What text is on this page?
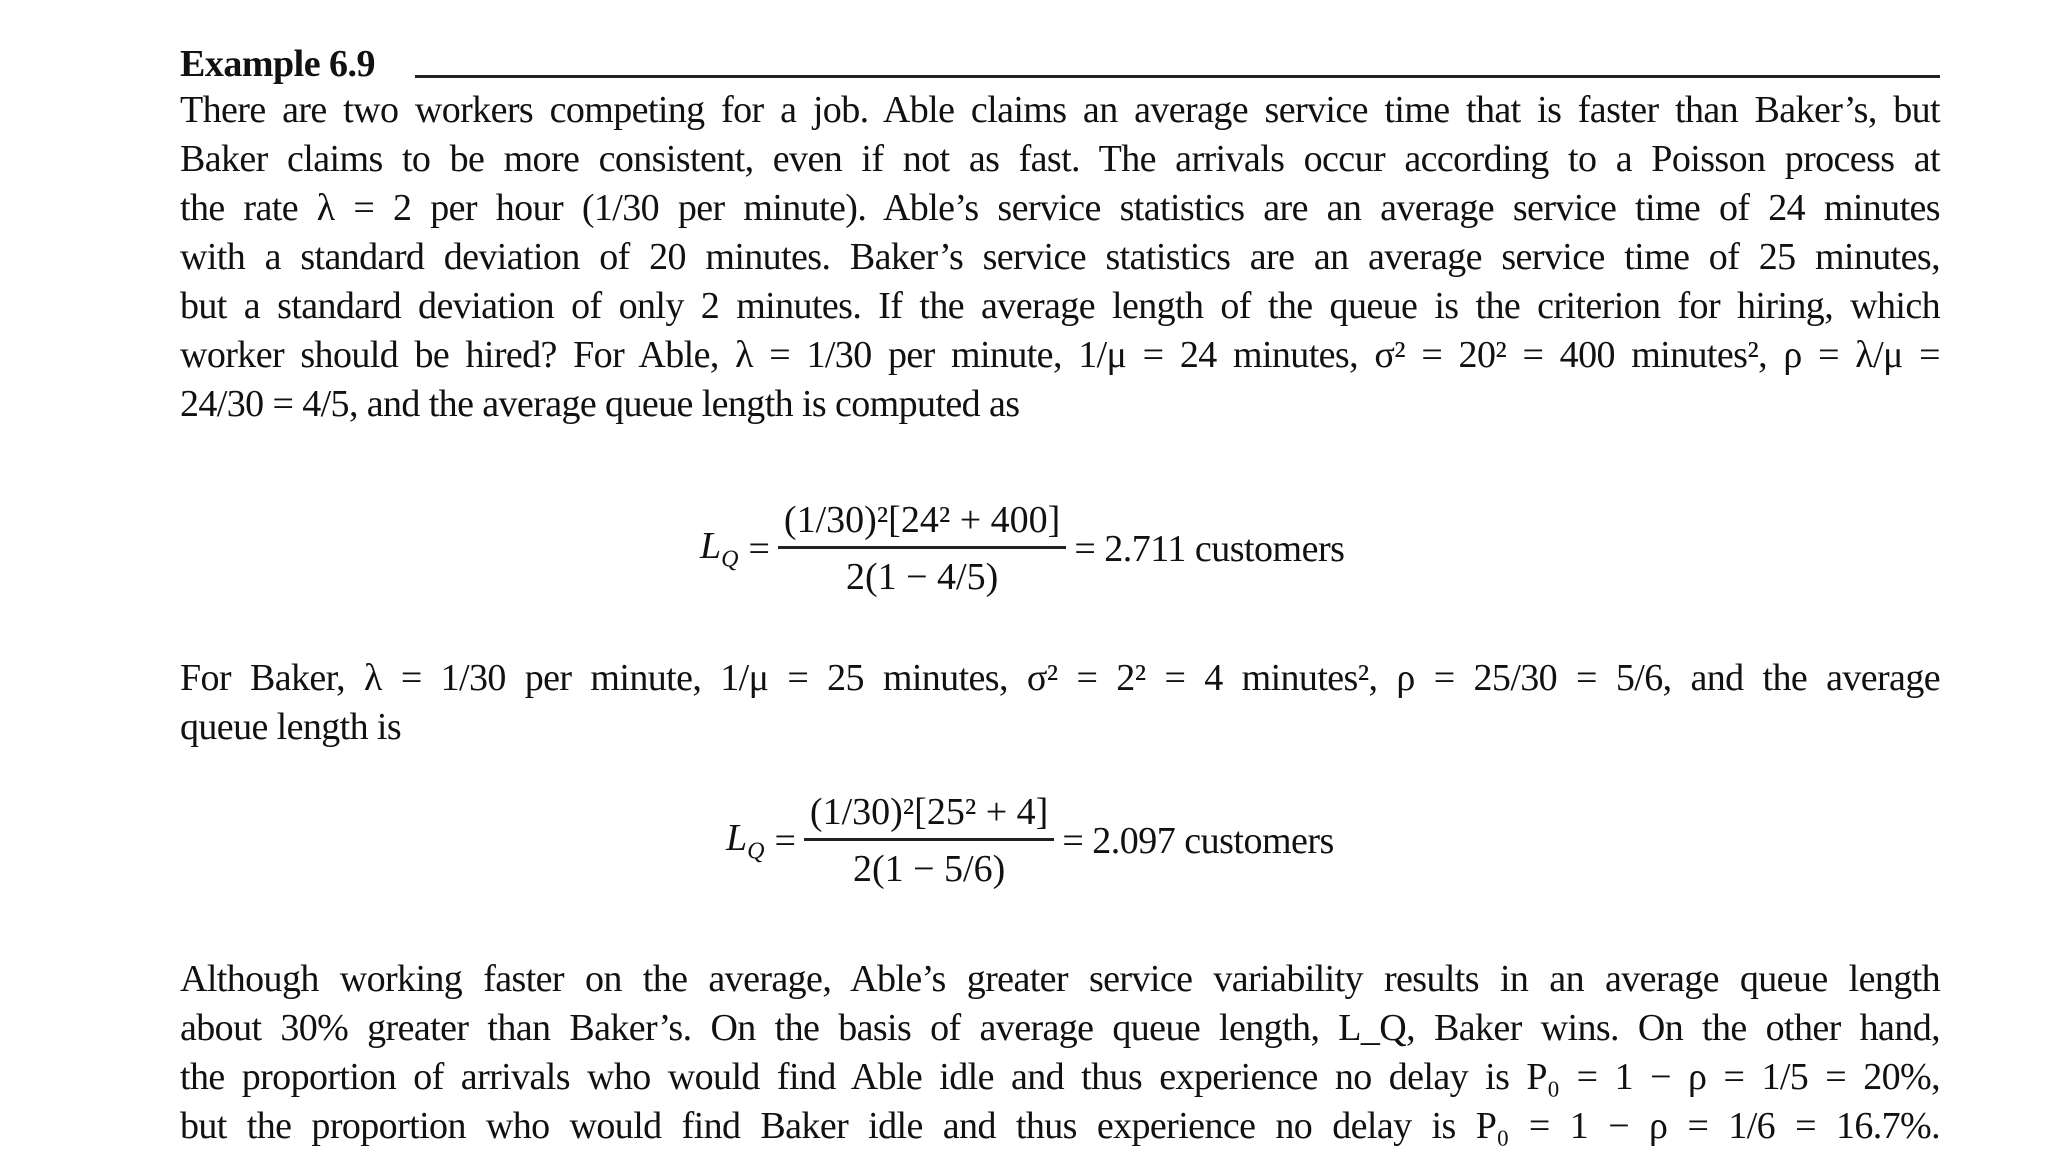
Example 6.9

There are two workers competing for a job. Able claims an average service time that is faster than Baker’s, but
Baker claims to be more consistent, even if not as fast. The arrivals occur according to a Poisson process at
the rate λ = 2 per hour (1/30 per minute). Able’s service statistics are an average service time of 24 minutes
with a standard deviation of 20 minutes. Baker’s service statistics are an average service time of 25 minutes,
but a standard deviation of only 2 minutes. If the average length of the queue is the criterion for hiring, which
worker should be hired? For Able, λ = 1/30 per minute, 1/μ = 24 minutes, σ² = 20² = 400 minutes², ρ = λ/μ =
24/30 = 4/5, and the average queue length is computed as

$L_Q = \frac{\text{(1/30)²[24² + 400]}}{2(1 - 4/5)} = 2.711$ customers

For Baker, λ = 1/30 per minute, 1/μ = 25 minutes, σ² = 2² = 4 minutes², ρ = 25/30 = 5/6, and the average
queue length is

$L_Q = \frac{\text{(1/30)²[25² + 4]}}{2(1 - 5/6)} = 2.097$ customers

Although working faster on the average, Able’s greater service variability results in an average queue length
about 30% greater than Baker’s. On the basis of average queue length, L_Q, Baker wins. On the other hand,
the proportion of arrivals who would find Able idle and thus experience no delay is P₀ = 1 − ρ = 1/5 = 20%,
but the proportion who would find Baker idle and thus experience no delay is P₀ = 1 − ρ = 1/6 = 16.7%.
